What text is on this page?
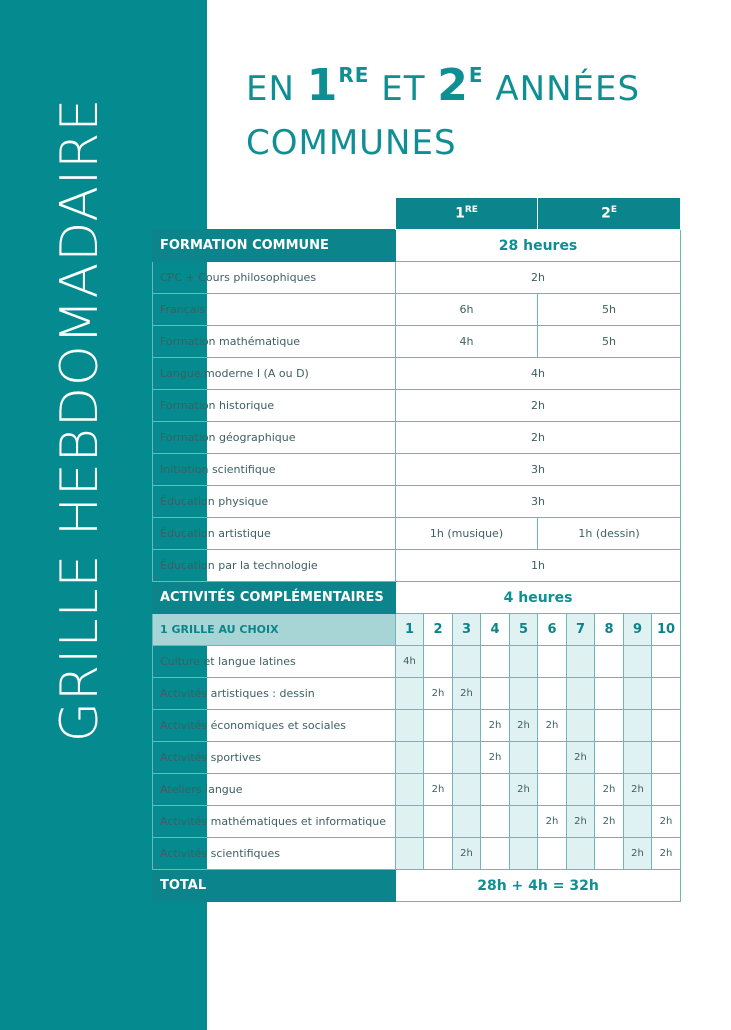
GRILLE HEBDOMADAIRE
EN 1RE ET $2^E$ ANNÉES
COMMUNES
	1RE					$2^E$
FORMATION COMMUNE	28 heures									
CPC + Cours philosophiques	2h									
Français	6h					5h				
Formation mathématique	4h					5h				
Langue moderne I (A ou D)	4h									
Formation historique	2h									
Formation géographique	2h									
Initiation scientifique	3h									
Éducation physique	3h									
Éducation artistique	1h (musique)					1h (dessin)				
Éducation par la technologie	1h									
ACTIVITÉS COMPLÉMENTAIRES	4 heures									
1 GRILLE AU CHOIX	1	2	3	4	5	6	7	8	9	10
Culture et langue latines	4h									
Activités artistiques : dessin		2h	2h							
Activités économiques et sociales				2h	2h	2h				
Activités sportives				2h			2h			
Ateliers langue		2h			2h			2h	2h	
Activités mathématiques et informatique						2h	2h	2h		2h
Activités scientifiques			2h						2h	2h
TOTAL	28h + 4h = 32h									
